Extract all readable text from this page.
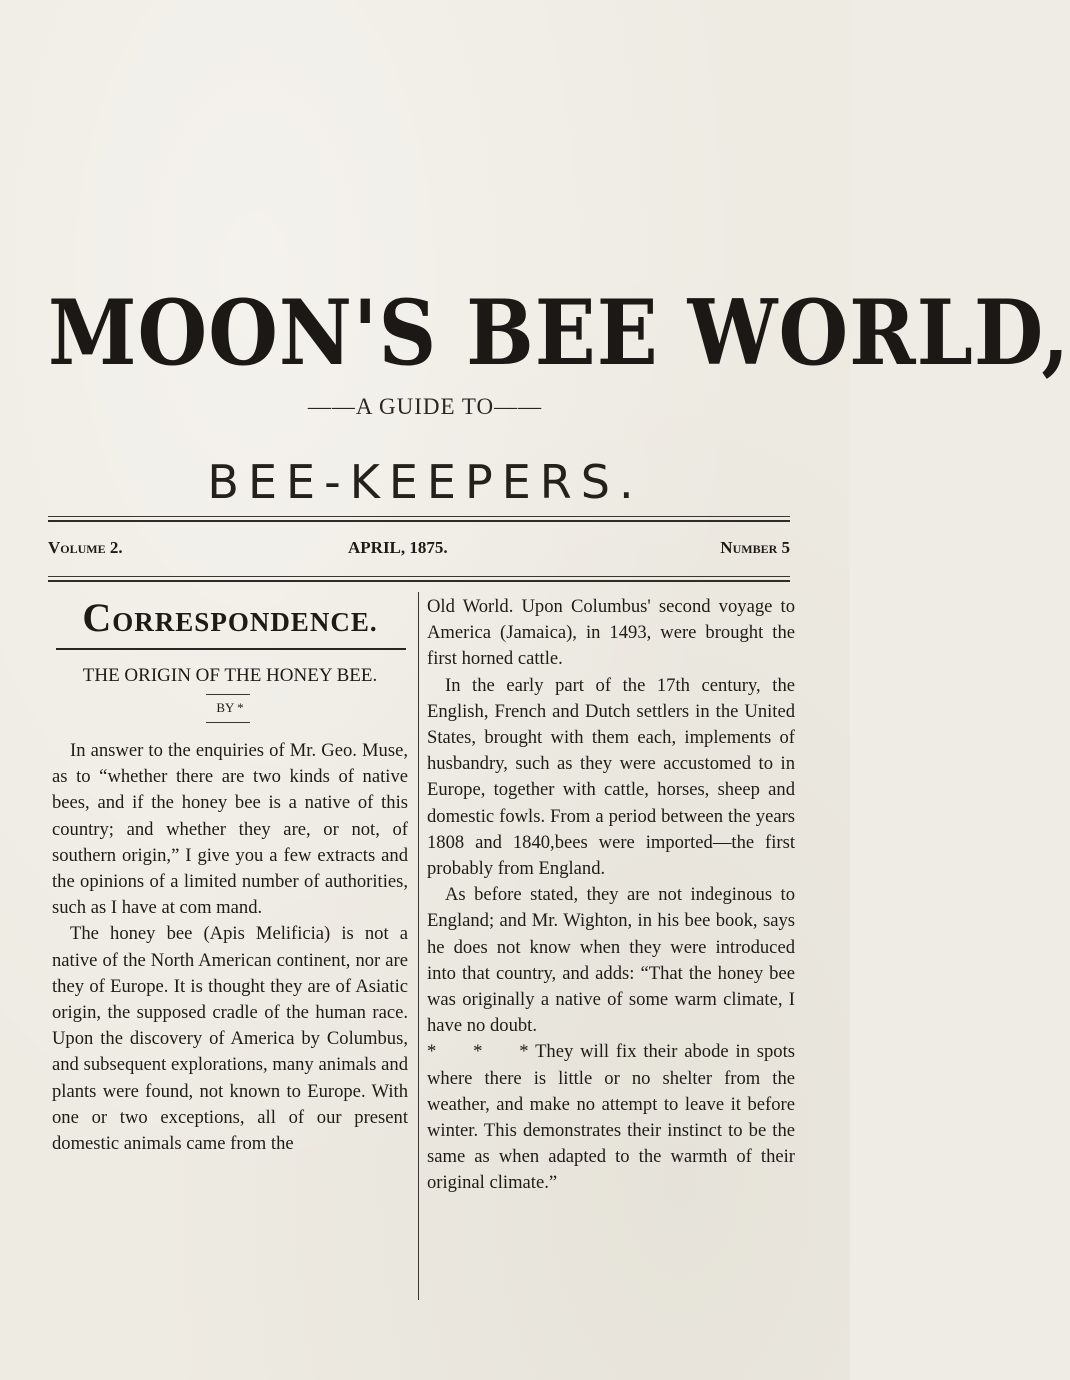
MOON'S BEE WORLD,
——A GUIDE TO——
BEE-KEEPERS.
Volume 2.	APRIL, 1875.	Number 5
CORRESPONDENCE.
THE ORIGIN OF THE HONEY BEE.
BY *

In answer to the enquiries of Mr. Geo. Muse, as to “whether there are two kinds of native bees, and if the honey bee is a native of this country; and whether they are, or not, of southern origin,” I give you a few extracts and the opinions of a limited number of authorities, such as I have at com mand.

The honey bee (Apis Melificia) is not a native of the North American continent, nor are they of Europe. It is thought they are of Asiatic origin, the supposed cradle of the human race. Upon the discovery of America by Columbus, and subsequent explorations, many animals and plants were found, not known to Europe. With one or two exceptions, all of our present domestic animals came from the

Old World. Upon Columbus' second voyage to America (Jamaica), in 1493, were brought the first horned cattle.

In the early part of the 17th century, the English, French and Dutch settlers in the United States, brought with them each, implements of husbandry, such as they were accustomed to in Europe, together with cattle, horses, sheep and domestic fowls. From a period between the years 1808 and 1840,bees were imported—the first probably from England.

As before stated, they are not indeginous to England; and Mr. Wighton, in his bee book, says he does not know when they were introduced into that country, and adds: “That the honey bee was originally a native of some warm climate, I have no doubt.

* * * They will fix their abode in spots where there is little or no shelter from the weather, and make no attempt to leave it before winter. This demonstrates their instinct to be the same as when adapted to the warmth of their original climate.”
